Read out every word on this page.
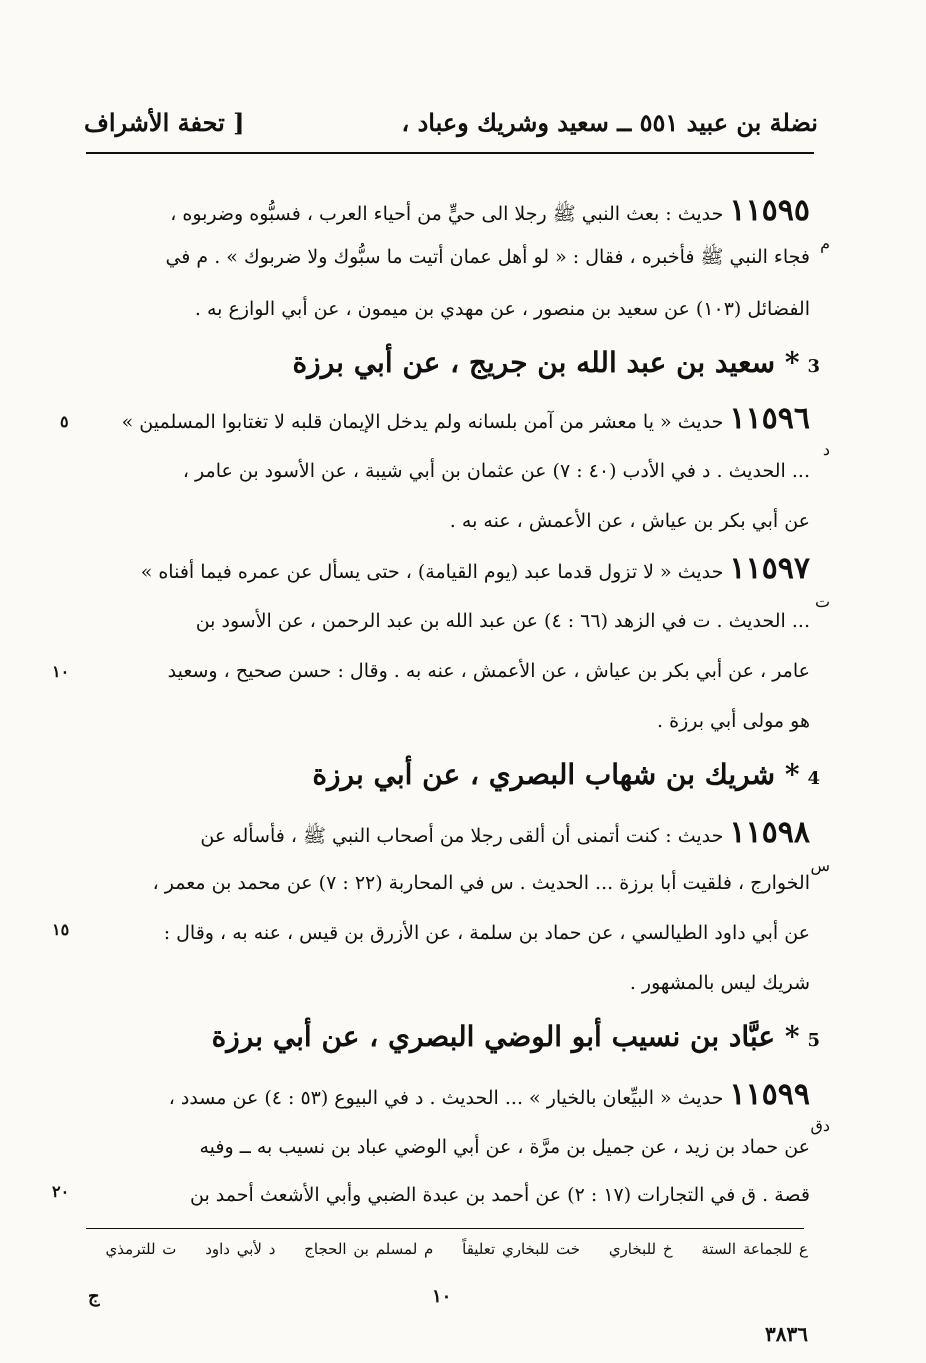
نضلة بن عبيد ٥٥١ ــ سعيد وشريك وعباد ،
[ تحفة الأشراف
١١٥٩٥ حديث : بعث النبي ﷺ رجلا الى حيٍّ من أحياء العرب ، فسبُّوه وضربوه ،
م
فجاء النبي ﷺ فأخبره ، فقال : « لو أهل عمان أتيت ما سبُّوك ولا ضربوك » . م في
الفضائل (١٠٣) عن سعيد بن منصور ، عن مهدي بن ميمون ، عن أبي الوازع به .
3* سعيد بن عبد الله بن جريج ، عن أبي برزة
١١٥٩٦ حديث « يا معشر من آمن بلسانه ولم يدخل الإيمان قلبه لا تغتابوا المسلمين »
٥
د
... الحديث . د في الأدب (٤٠ : ٧) عن عثمان بن أبي شيبة ، عن الأسود بن عامر ،
عن أبي بكر بن عياش ، عن الأعمش ، عنه به .
١١٥٩٧ حديث « لا تزول قدما عبد (يوم القيامة) ، حتى يسأل عن عمره فيما أفناه »
ت
... الحديث . ت في الزهد (٦٦ : ٤) عن عبد الله بن عبد الرحمن ، عن الأسود بن
عامر ، عن أبي بكر بن عياش ، عن الأعمش ، عنه به . وقال : حسن صحيح ، وسعيد
١٠
هو مولى أبي برزة .
4* شريك بن شهاب البصري ، عن أبي برزة
١١٥٩٨ حديث : كنت أتمنى أن ألقى رجلا من أصحاب النبي ﷺ ، فأسأله عن
س
الخوارج ، فلقيت أبا برزة ... الحديث . س في المحاربة (٢٢ : ٧) عن محمد بن معمر ،
عن أبي داود الطيالسي ، عن حماد بن سلمة ، عن الأزرق بن قيس ، عنه به ، وقال :
١٥
شريك ليس بالمشهور .
5* عبَّاد بن نسيب أبو الوضي البصري ، عن أبي برزة
١١٥٩٩ حديث « البيِّعان بالخيار » ... الحديث . د في البيوع (٥٣ : ٤) عن مسدد ،
دق
عن حماد بن زيد ، عن جميل بن مرَّة ، عن أبي الوضي عباد بن نسيب به ــ وفيه
قصة . ق في التجارات (١٧ : ٢) عن أحمد بن عبدة الضبي وأبي الأشعث أحمد بن
٢٠
ع للجماعة الستة خ للبخاري خت للبخاري تعليقاً م لمسلم بن الحجاج د لأبي داود ت للترمذي
ج	١٠
٣٨٣٦
